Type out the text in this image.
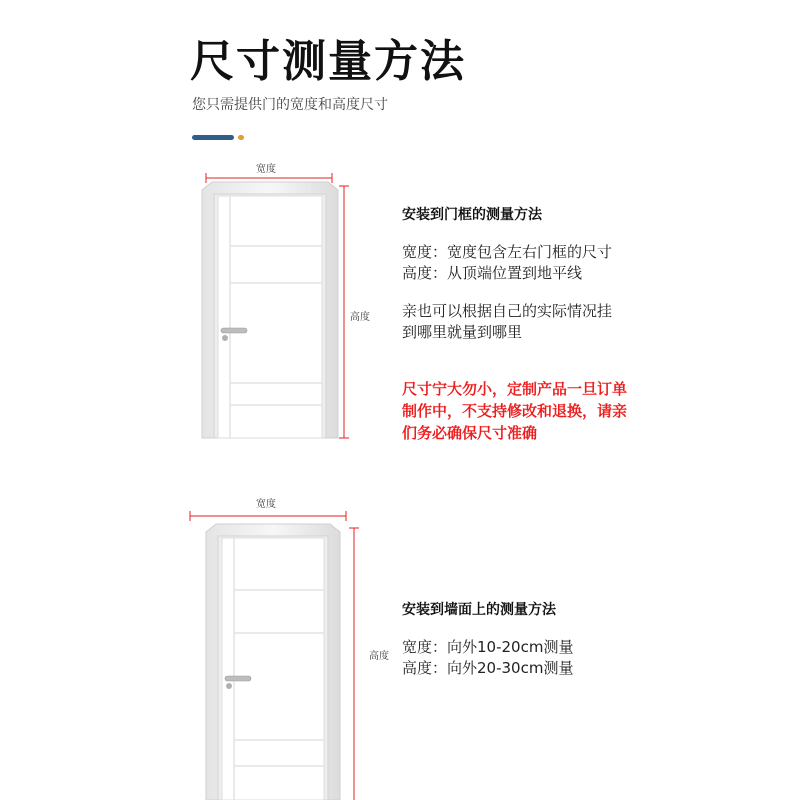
尺寸测量方法
您只需提供门的宽度和高度尺寸
宽度
高度
安装到门框的测量方法
宽度：宽度包含左右门框的尺寸
高度：从顶端位置到地平线
亲也可以根据自己的实际情况挂
到哪里就量到哪里
尺寸宁大勿小，定制产品一旦订单
制作中，不支持修改和退换，请亲
们务必确保尺寸准确
宽度
高度
安装到墙面上的测量方法
宽度：向外10-20cm测量
高度：向外20-30cm测量
